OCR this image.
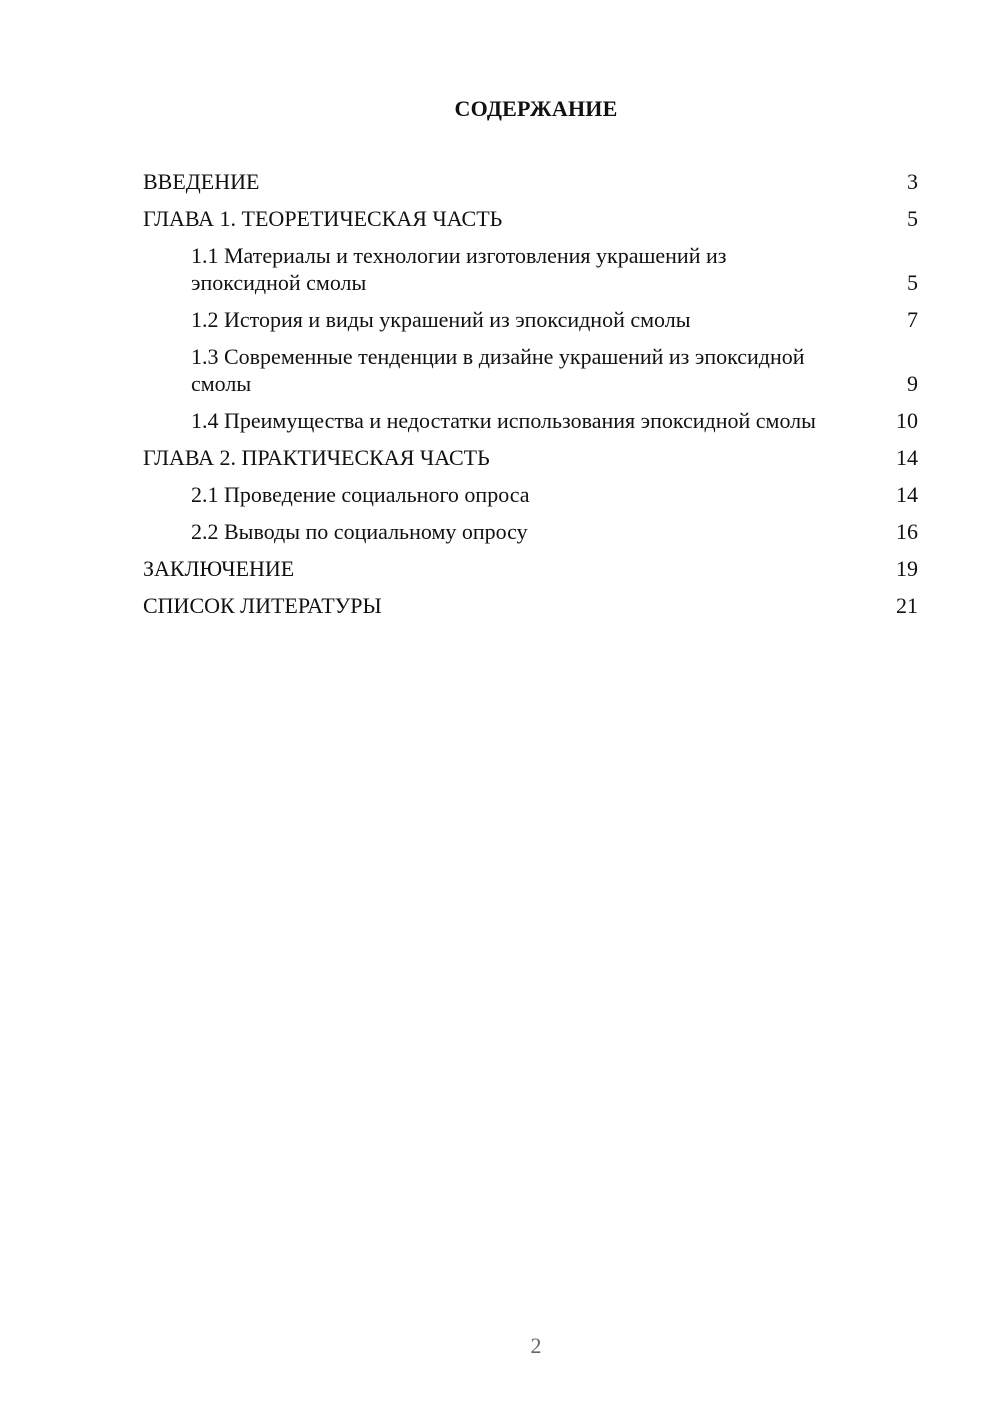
СОДЕРЖАНИЕ
ВВЕДЕНИЕ	3
ГЛАВА 1. ТЕОРЕТИЧЕСКАЯ ЧАСТЬ	5
1.1 Материалы и технологии изготовления украшений из эпоксидной смолы	5
1.2 История и виды украшений из эпоксидной смолы	7
1.3 Современные тенденции в дизайне украшений из эпоксидной смолы	9
1.4 Преимущества и недостатки использования эпоксидной смолы	10
ГЛАВА 2. ПРАКТИЧЕСКАЯ ЧАСТЬ	14
2.1 Проведение социального опроса	14
2.2 Выводы по социальному опросу	16
ЗАКЛЮЧЕНИЕ	19
СПИСОК ЛИТЕРАТУРЫ	21
2
